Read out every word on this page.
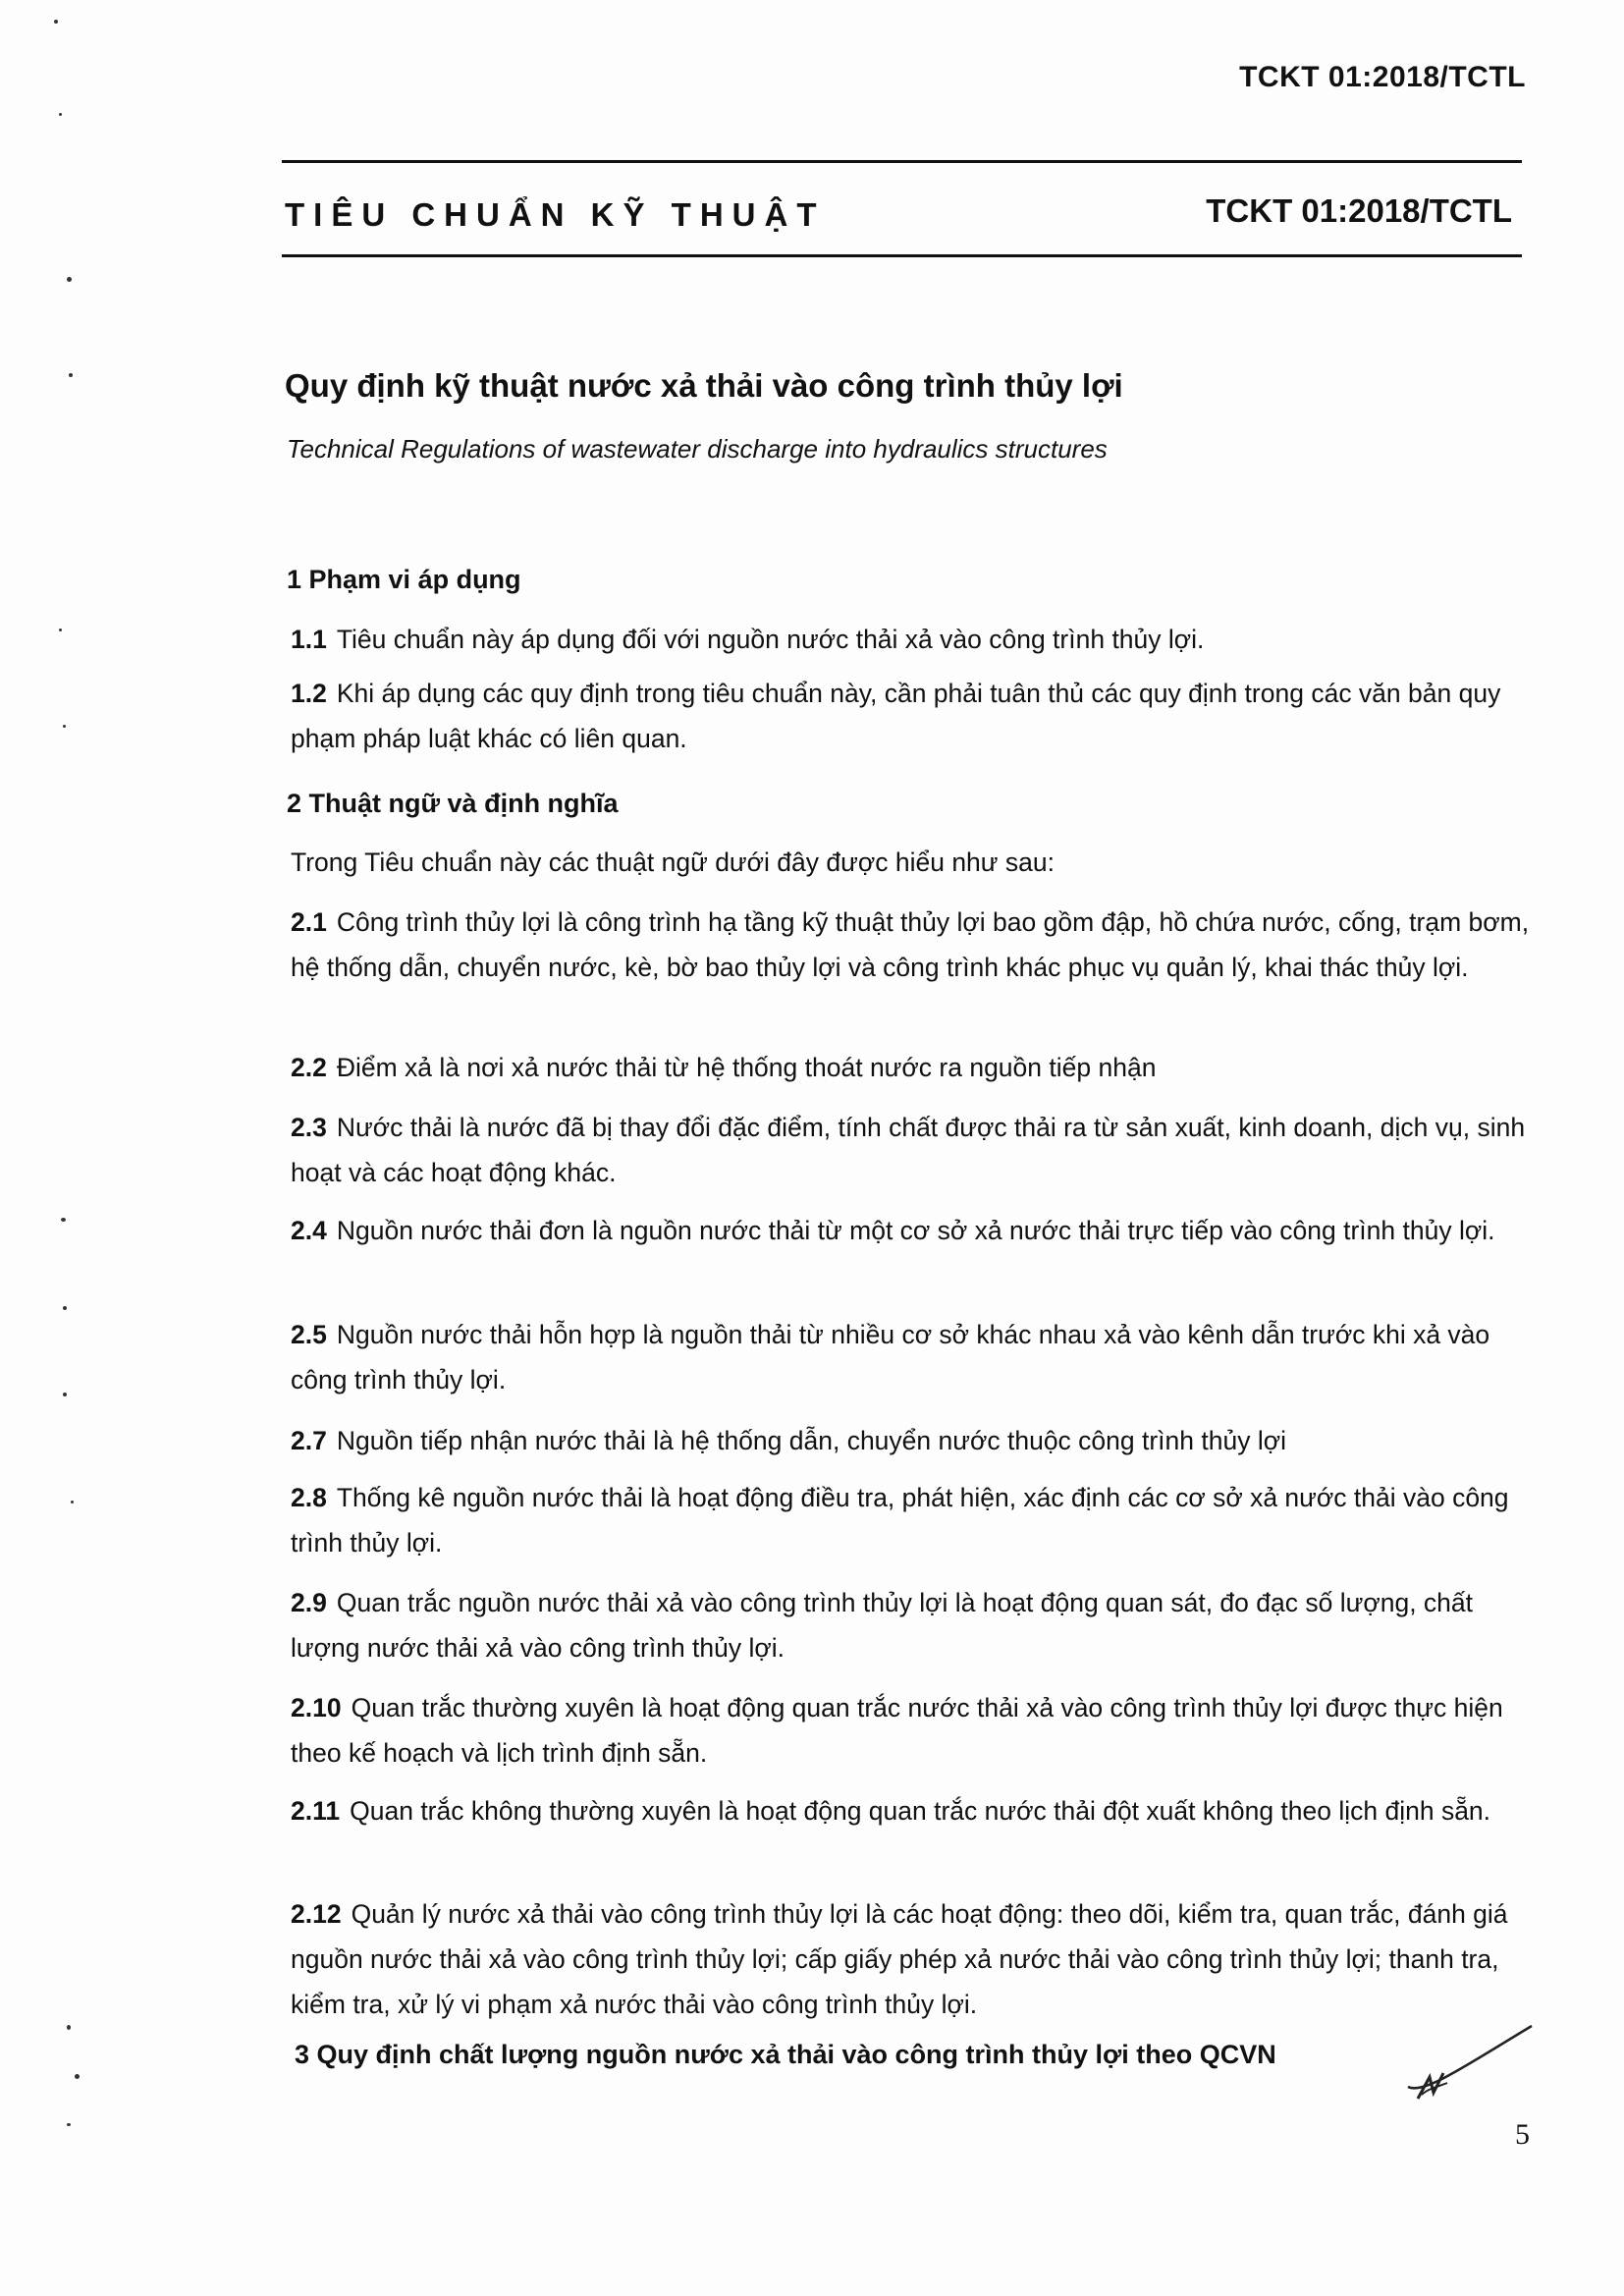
TCKT 01:2018/TCTL
TIÊU CHUẨN KỸ THUẬT	TCKT 01:2018/TCTL
Quy định kỹ thuật nước xả thải vào công trình thủy lợi
Technical Regulations of wastewater discharge into hydraulics structures
1 Phạm vi áp dụng
1.1 Tiêu chuẩn này áp dụng đối với nguồn nước thải xả vào công trình thủy lợi.
1.2 Khi áp dụng các quy định trong tiêu chuẩn này, cần phải tuân thủ các quy định trong các văn bản quy phạm pháp luật khác có liên quan.
2 Thuật ngữ và định nghĩa
Trong Tiêu chuẩn này các thuật ngữ dưới đây được hiểu như sau:
2.1 Công trình thủy lợi là công trình hạ tầng kỹ thuật thủy lợi bao gồm đập, hồ chứa nước, cống, trạm bơm, hệ thống dẫn, chuyển nước, kè, bờ bao thủy lợi và công trình khác phục vụ quản lý, khai thác thủy lợi.
2.2 Điểm xả là nơi xả nước thải từ hệ thống thoát nước ra nguồn tiếp nhận
2.3 Nước thải là nước đã bị thay đổi đặc điểm, tính chất được thải ra từ sản xuất, kinh doanh, dịch vụ, sinh hoạt và các hoạt động khác.
2.4 Nguồn nước thải đơn là nguồn nước thải từ một cơ sở xả nước thải trực tiếp vào công trình thủy lợi.
2.5 Nguồn nước thải hỗn hợp là nguồn thải từ nhiều cơ sở khác nhau xả vào kênh dẫn trước khi xả vào công trình thủy lợi.
2.7 Nguồn tiếp nhận nước thải là hệ thống dẫn, chuyển nước thuộc công trình thủy lợi
2.8 Thống kê nguồn nước thải là hoạt động điều tra, phát hiện, xác định các cơ sở xả nước thải vào công trình thủy lợi.
2.9 Quan trắc nguồn nước thải xả vào công trình thủy lợi là hoạt động quan sát, đo đạc số lượng, chất lượng nước thải xả vào công trình thủy lợi.
2.10 Quan trắc thường xuyên là hoạt động quan trắc nước thải xả vào công trình thủy lợi được thực hiện theo kế hoạch và lịch trình định sẵn.
2.11 Quan trắc không thường xuyên là hoạt động quan trắc nước thải đột xuất không theo lịch định sẵn.
2.12 Quản lý nước xả thải vào công trình thủy lợi là các hoạt động: theo dõi, kiểm tra, quan trắc, đánh giá nguồn nước thải xả vào công trình thủy lợi; cấp giấy phép xả nước thải vào công trình thủy lợi; thanh tra, kiểm tra, xử lý vi phạm xả nước thải vào công trình thủy lợi.
3 Quy định chất lượng nguồn nước xả thải vào công trình thủy lợi theo QCVN
5
